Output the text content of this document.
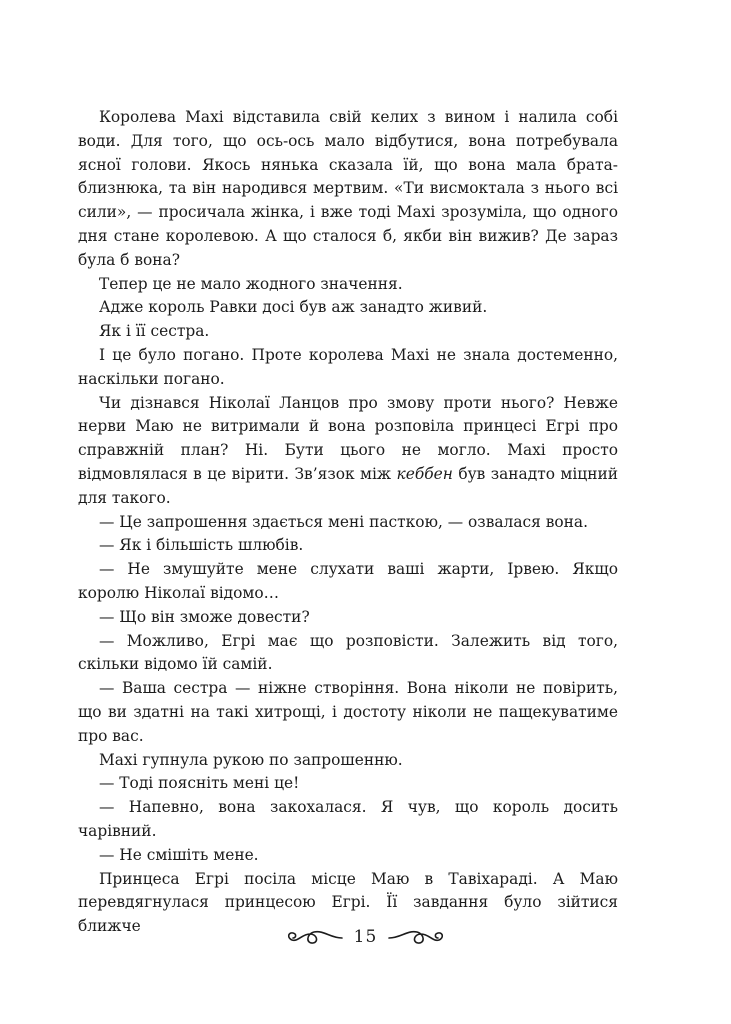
Королева Махі відставила свій келих з вином і налила собі води. Для того, що ось-ось мало відбутися, вона потребувала ясної голови. Якось нянька сказала їй, що вона мала брата-близнюка, та він народився мертвим. «Ти висмоктала з нього всі сили», — просичала жінка, і вже тоді Махі зрозуміла, що одного дня стане королевою. А що сталося б, якби він вижив? Де зараз була б вона?

Тепер це не мало жодного значення.

Адже король Равки досі був аж занадто живий.

Як і її сестра.

І це було погано. Проте королева Махі не знала достеменно, наскільки погано.

Чи дізнався Ніколаї Ланцов про змову проти нього? Невже нерви Маю не витримали й вона розповіла принцесі Егрі про справжній план? Ні. Бути цього не могло. Махі просто відмовлялася в це вірити. Зв’язок між кеббен був занадто міцний для такого.

— Це запрошення здається мені пасткою, — озвалася вона.

— Як і більшість шлюбів.

— Не змушуйте мене слухати ваші жарти, Ірвею. Якщо королю Ніколаї відомо…

— Що він зможе довести?

— Можливо, Егрі має що розповісти. Залежить від того, скільки відомо їй самій.

— Ваша сестра — ніжне створіння. Вона ніколи не повірить, що ви здатні на такі хитрощі, і достоту ніколи не пащекуватиме про вас.

Махі гупнула рукою по запрошенню.

— Тоді поясніть мені це!

— Напевно, вона закохалася. Я чув, що король досить чарівний.

— Не смішіть мене.

Принцеса Егрі посіла місце Маю в Тавіхараді. А Маю перевдягнулася принцесою Егрі. Її завдання було зійтися ближче

15
